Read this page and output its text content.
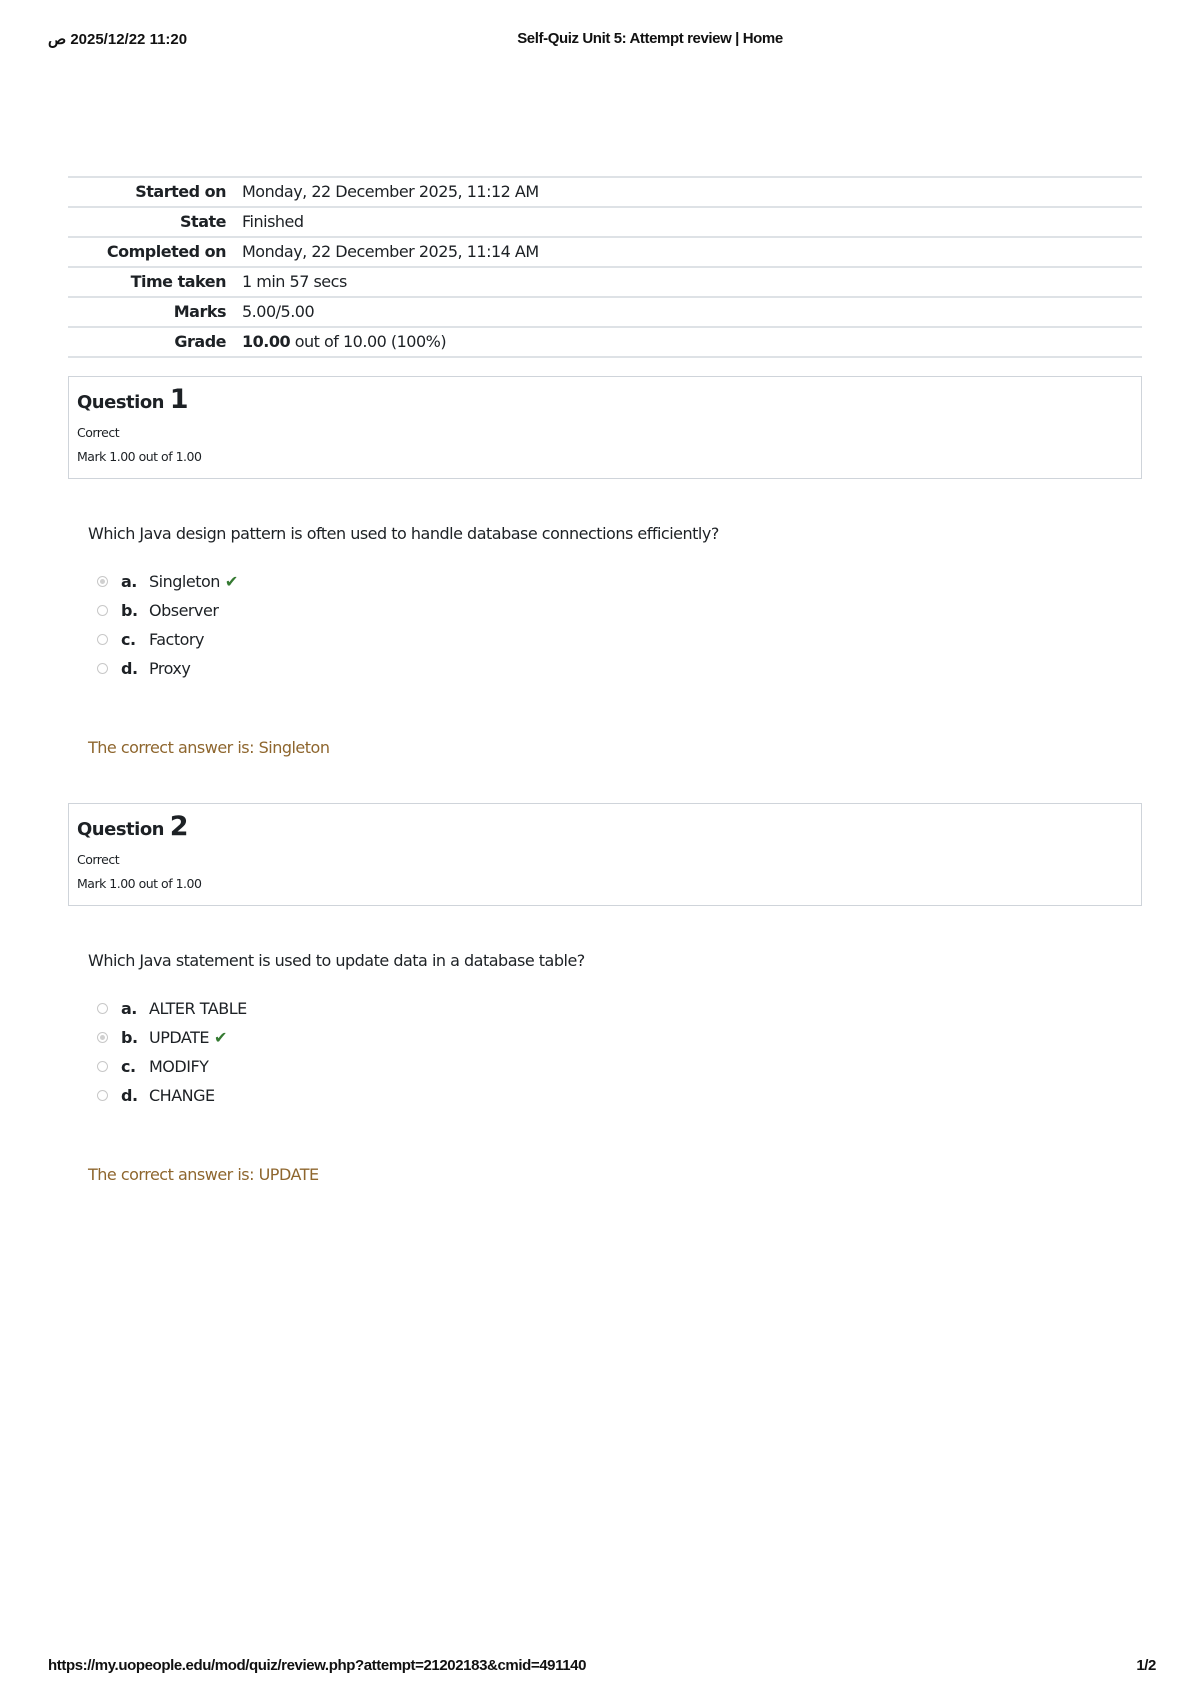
11:20 2025/12/22 ص	Self-Quiz Unit 5: Attempt review | Home
Started on	Monday, 22 December 2025, 11:12 AM
State	Finished
Completed on	Monday, 22 December 2025, 11:14 AM
Time taken	1 min 57 secs
Marks	5.00/5.00
Grade	10.00 out of 10.00 (100%)
Question 1
Correct
Mark 1.00 out of 1.00
Which Java design pattern is often used to handle database connections efficiently?
a. Singleton ✔
b. Observer
c. Factory
d. Proxy
The correct answer is: Singleton
Question 2
Correct
Mark 1.00 out of 1.00
Which Java statement is used to update data in a database table?
a. ALTER TABLE
b. UPDATE ✔
c. MODIFY
d. CHANGE
The correct answer is: UPDATE
https://my.uopeople.edu/mod/quiz/review.php?attempt=21202183&cmid=491140	1/2
